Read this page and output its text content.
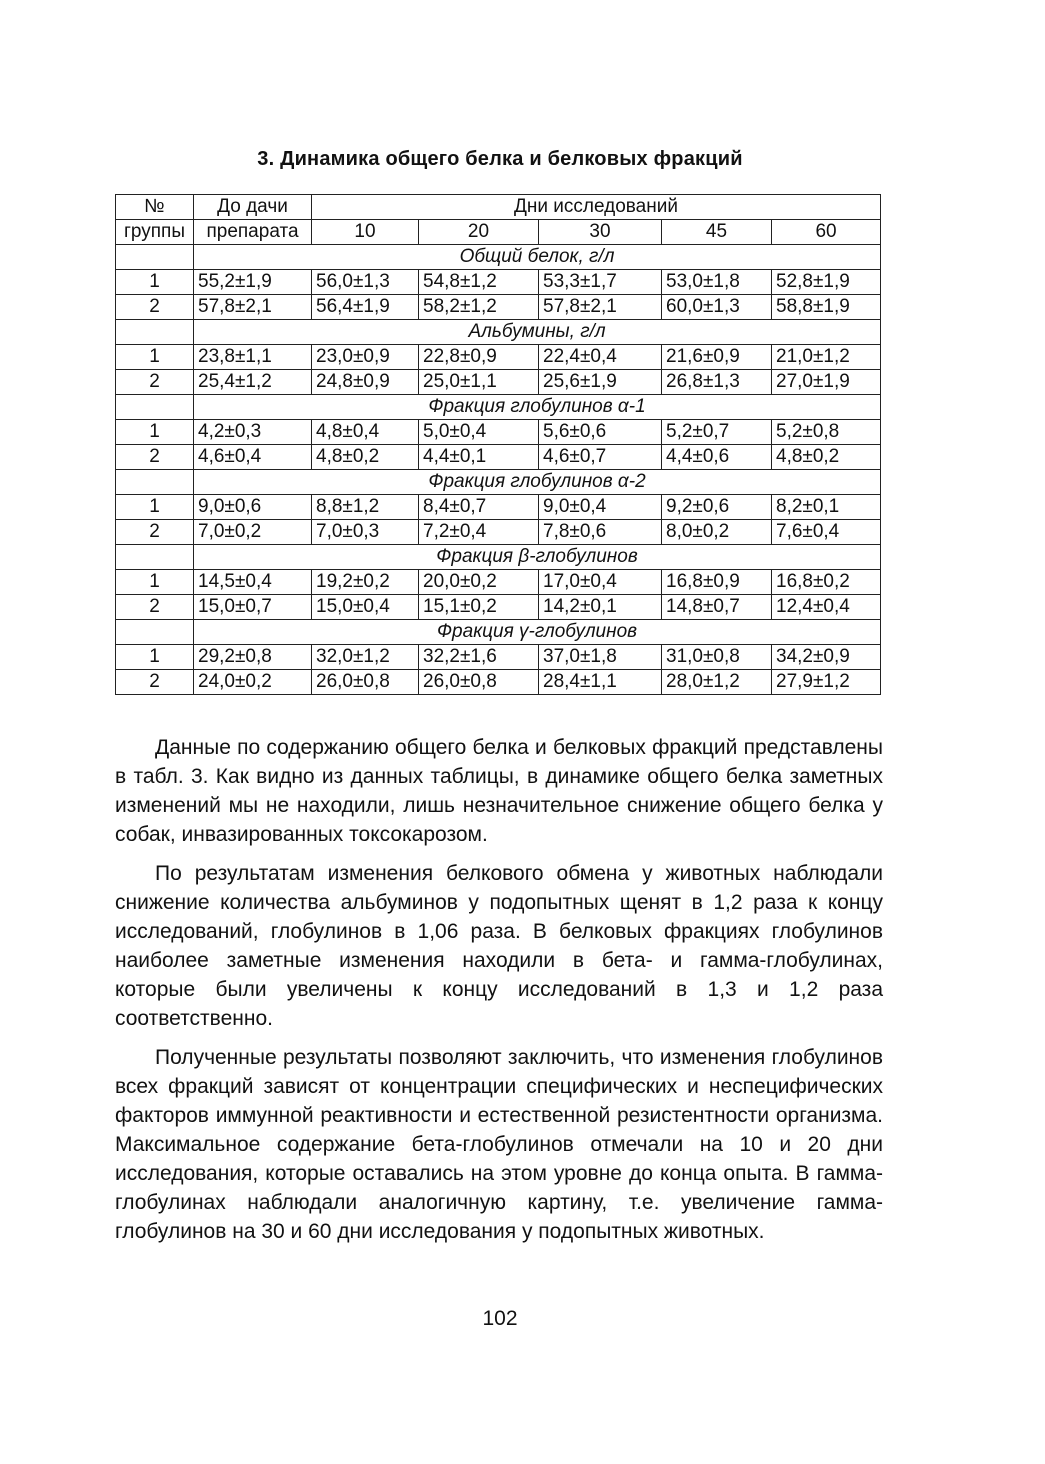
3. Динамика общего белка и белковых фракций
№	До дачи	Дни исследований				
группы	препарата	10	20	30	45	60
	Общий белок, г/л					
1	55,2±1,9	56,0±1,3	54,8±1,2	53,3±1,7	53,0±1,8	52,8±1,9
2	57,8±2,1	56,4±1,9	58,2±1,2	57,8±2,1	60,0±1,3	58,8±1,9
	Альбумины, г/л					
1	23,8±1,1	23,0±0,9	22,8±0,9	22,4±0,4	21,6±0,9	21,0±1,2
2	25,4±1,2	24,8±0,9	25,0±1,1	25,6±1,9	26,8±1,3	27,0±1,9
	Фракция глобулинов α-1					
1	4,2±0,3	4,8±0,4	5,0±0,4	5,6±0,6	5,2±0,7	5,2±0,8
2	4,6±0,4	4,8±0,2	4,4±0,1	4,6±0,7	4,4±0,6	4,8±0,2
	Фракция глобулинов α-2					
1	9,0±0,6	8,8±1,2	8,4±0,7	9,0±0,4	9,2±0,6	8,2±0,1
2	7,0±0,2	7,0±0,3	7,2±0,4	7,8±0,6	8,0±0,2	7,6±0,4
	Фракция β-глобулинов					
1	14,5±0,4	19,2±0,2	20,0±0,2	17,0±0,4	16,8±0,9	16,8±0,2
2	15,0±0,7	15,0±0,4	15,1±0,2	14,2±0,1	14,8±0,7	12,4±0,4
	Фракция γ-глобулинов					
1	29,2±0,8	32,0±1,2	32,2±1,6	37,0±1,8	31,0±0,8	34,2±0,9
2	24,0±0,2	26,0±0,8	26,0±0,8	28,4±1,1	28,0±1,2	27,9±1,2

Данные по содержанию общего белка и белковых фракций представлены в табл. 3. Как видно из данных таблицы, в динамике общего белка заметных изменений мы не находили, лишь незначительное снижение общего белка у собак, инвазированных токсокарозом.

По результатам изменения белкового обмена у животных наблюдали снижение количества альбуминов у подопытных щенят в 1,2 раза к концу исследований, глобулинов в 1,06 раза. В белковых фракциях глобулинов наиболее заметные изменения находили в бета- и гамма-глобулинах, которые были увеличены к концу исследований в 1,3 и 1,2 раза соответственно.

Полученные результаты позволяют заключить, что изменения глобулинов всех фракций зависят от концентрации специфических и неспецифических факторов иммунной реактивности и естественной резистентности организма. Максимальное содержание бета-глобулинов отмечали на 10 и 20 дни исследования, которые оставались на этом уровне до конца опыта. В гамма-глобулинах наблюдали аналогичную картину, т.е. увеличение гамма-глобулинов на 30 и 60 дни исследования у подопытных животных.

102
